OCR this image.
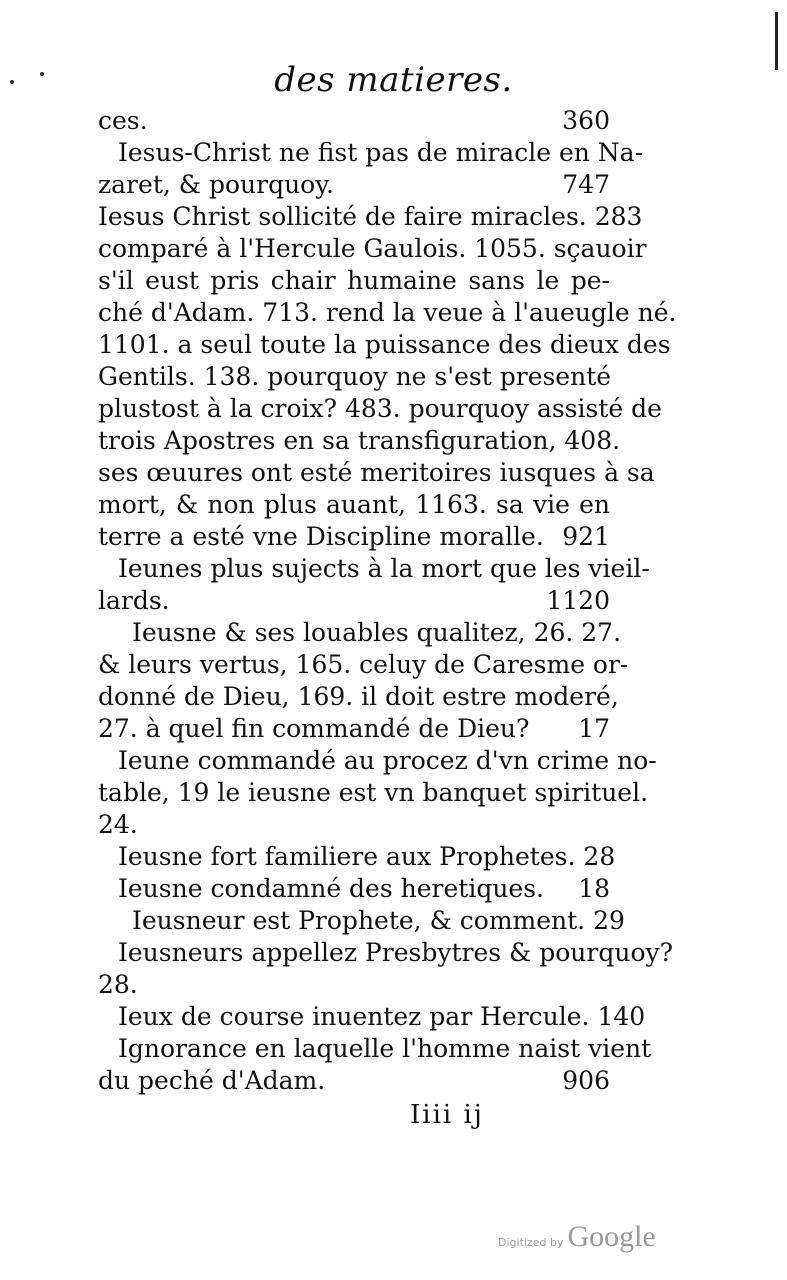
des matieres.
ces.	360
Iesus-Christ ne fist pas de miracle en Na-
zaret, & pourquoy.	747
Iesus Christ sollicité de faire miracles. 283
comparé à l'Hercule Gaulois. 1055. sçauoir
s'il eust pris chair humaine sans le pe-
ché d'Adam. 713. rend la veue à l'aueugle né.
1101. a seul toute la puissance des dieux des
Gentils. 138. pourquoy ne s'est presenté
plustost à la croix? 483. pourquoy assisté de
trois Apostres en sa transfiguration, 408.
ses œuures ont esté meritoires iusques à sa
mort, & non plus auant, 1163. sa vie en
terre a esté vne Discipline moralle. 921
Ieunes plus sujects à la mort que les vieil-
lards.	1120
Ieusne & ses louables qualitez, 26. 27.
& leurs vertus, 165. celuy de Caresme or-
donné de Dieu, 169. il doit estre moderé,
27. à quel fin commandé de Dieu? 17
Ieune commandé au procez d'vn crime no-
table, 19 le ieusne est vn banquet spirituel.
24.
Ieusne fort familiere aux Prophetes. 28
Ieusne condamné des heretiques. 18
Ieusneur est Prophete, & comment. 29
Ieusneurs appellez Presbytres & pourquoy?
28.
Ieux de course inuentez par Hercule. 140
Ignorance en laquelle l'homme naist vient
du peché d'Adam.	906
Iiii ij
Digitized by Google
